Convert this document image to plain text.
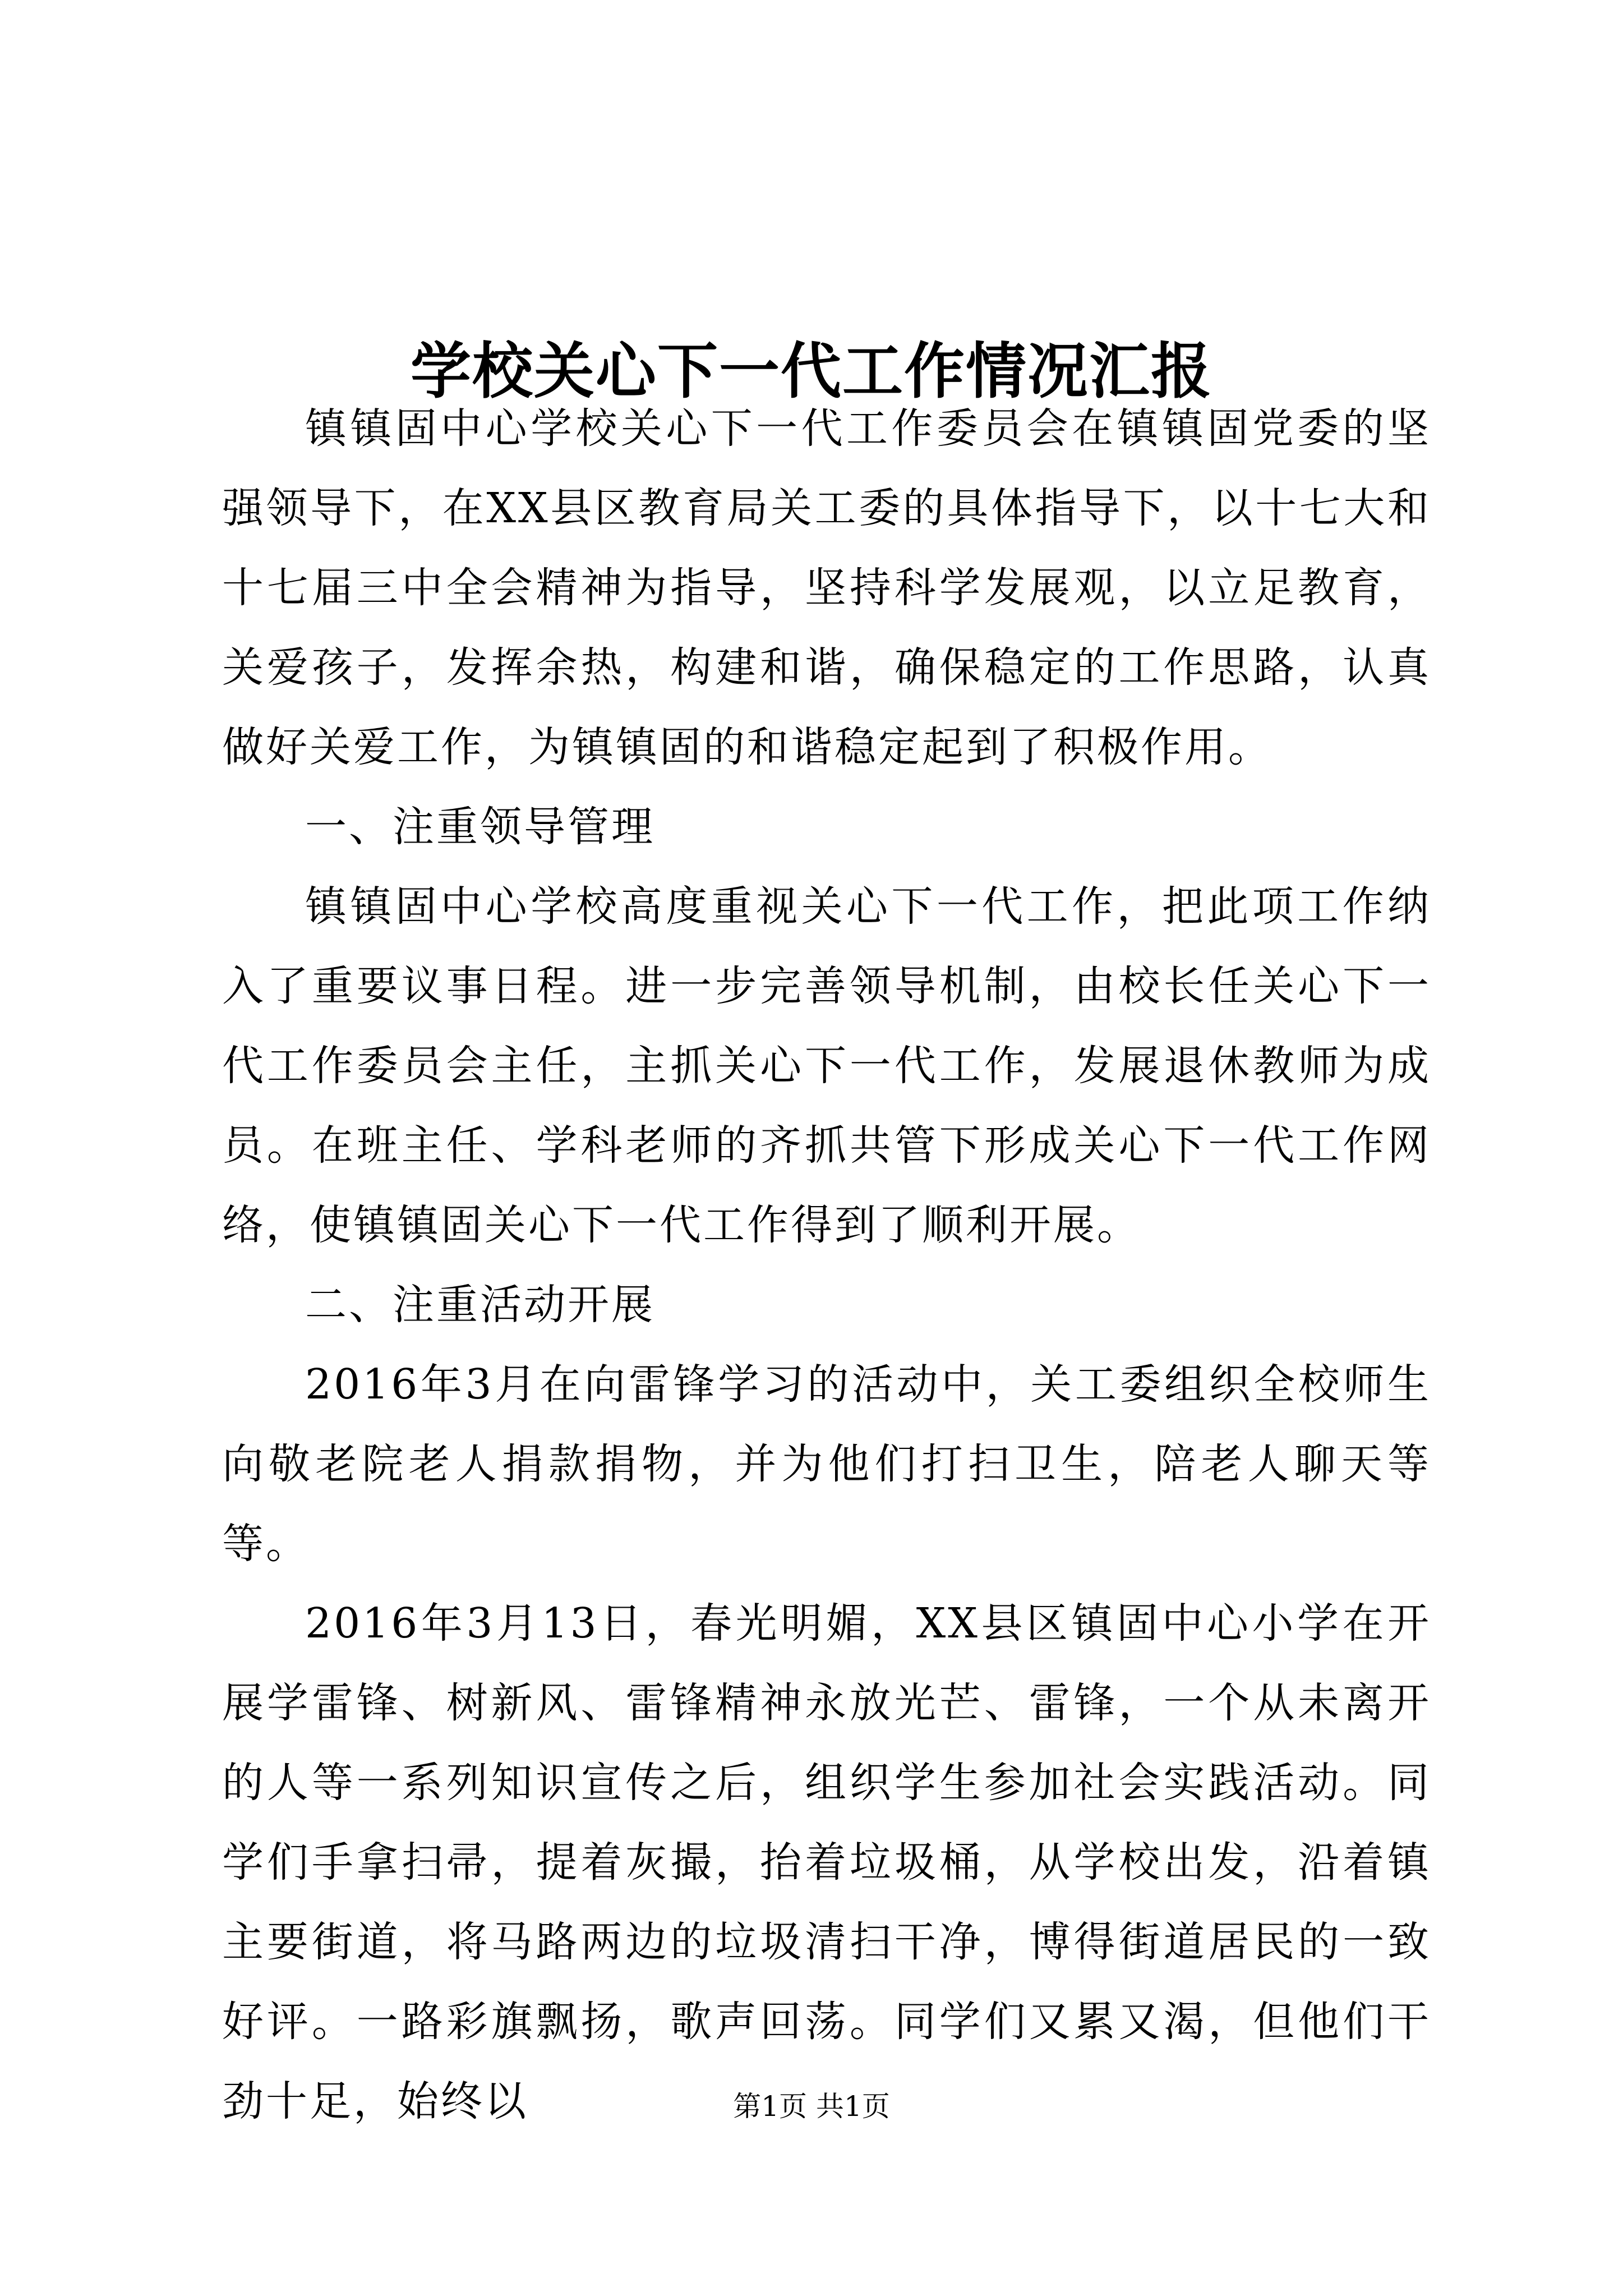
学校关心下一代工作情况汇报

镇镇固中心学校关心下一代工作委员会在镇镇固党委的坚强领导下，在XX县区教育局关工委的具体指导下，以十七大和十七届三中全会精神为指导，坚持科学发展观，以立足教育，关爱孩子，发挥余热，构建和谐，确保稳定的工作思路，认真做好关爱工作，为镇镇固的和谐稳定起到了积极作用。

一、注重领导管理

镇镇固中心学校高度重视关心下一代工作，把此项工作纳入了重要议事日程。进一步完善领导机制，由校长任关心下一代工作委员会主任，主抓关心下一代工作，发展退休教师为成员。在班主任、学科老师的齐抓共管下形成关心下一代工作网络，使镇镇固关心下一代工作得到了顺利开展。

二、注重活动开展

2016年3月在向雷锋学习的活动中，关工委组织全校师生向敬老院老人捐款捐物，并为他们打扫卫生，陪老人聊天等等。

2016年3月13日，春光明媚，XX县区镇固中心小学在开展学雷锋、树新风、雷锋精神永放光芒、雷锋，一个从未离开的人等一系列知识宣传之后，组织学生参加社会实践活动。同学们手拿扫帚，提着灰撮，抬着垃圾桶，从学校出发，沿着镇主要街道，将马路两边的垃圾清扫干净，博得街道居民的一致好评。一路彩旗飘扬，歌声回荡。同学们又累又渴，但他们干劲十足，始终以	第1页 共1页
